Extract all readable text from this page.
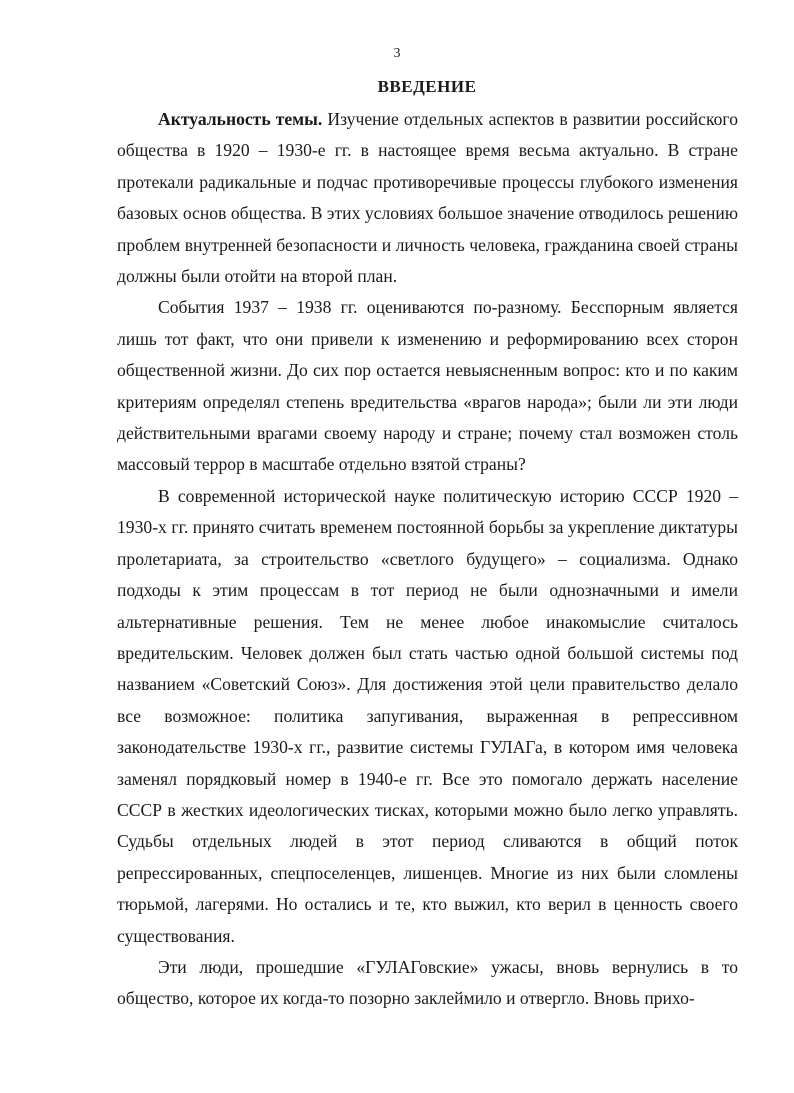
3
ВВЕДЕНИЕ

Актуальность темы. Изучение отдельных аспектов в развитии российского общества в 1920 – 1930-е гг. в настоящее время весьма актуально. В стране протекали радикальные и подчас противоречивые процессы глубокого изменения базовых основ общества. В этих условиях большое значение отводилось решению проблем внутренней безопасности и личность человека, гражданина своей страны должны были отойти на второй план.

События 1937 – 1938 гг. оцениваются по-разному. Бесспорным является лишь тот факт, что они привели к изменению и реформированию всех сторон общественной жизни. До сих пор остается невыясненным вопрос: кто и по каким критериям определял степень вредительства «врагов народа»; были ли эти люди действительными врагами своему народу и стране; почему стал возможен столь массовый террор в масштабе отдельно взятой страны?

В современной исторической науке политическую историю СССР 1920 – 1930-х гг. принято считать временем постоянной борьбы за укрепление диктатуры пролетариата, за строительство «светлого будущего» – социализма. Однако подходы к этим процессам в тот период не были однозначными и имели альтернативные решения. Тем не менее любое инакомыслие считалось вредительским. Человек должен был стать частью одной большой системы под названием «Советский Союз». Для достижения этой цели правительство делало все возможное: политика запугивания, выраженная в репрессивном законодательстве 1930-х гг., развитие системы ГУЛАГа, в котором имя человека заменял порядковый номер в 1940-е гг. Все это помогало держать население СССР в жестких идеологических тисках, которыми можно было легко управлять. Судьбы отдельных людей в этот период сливаются в общий поток репрессированных, спецпоселенцев, лишенцев. Многие из них были сломлены тюрьмой, лагерями. Но остались и те, кто выжил, кто верил в ценность своего существования.

Эти люди, прошедшие «ГУЛАГовские» ужасы, вновь вернулись в то общество, которое их когда-то позорно заклеймило и отвергло. Вновь прихо-
